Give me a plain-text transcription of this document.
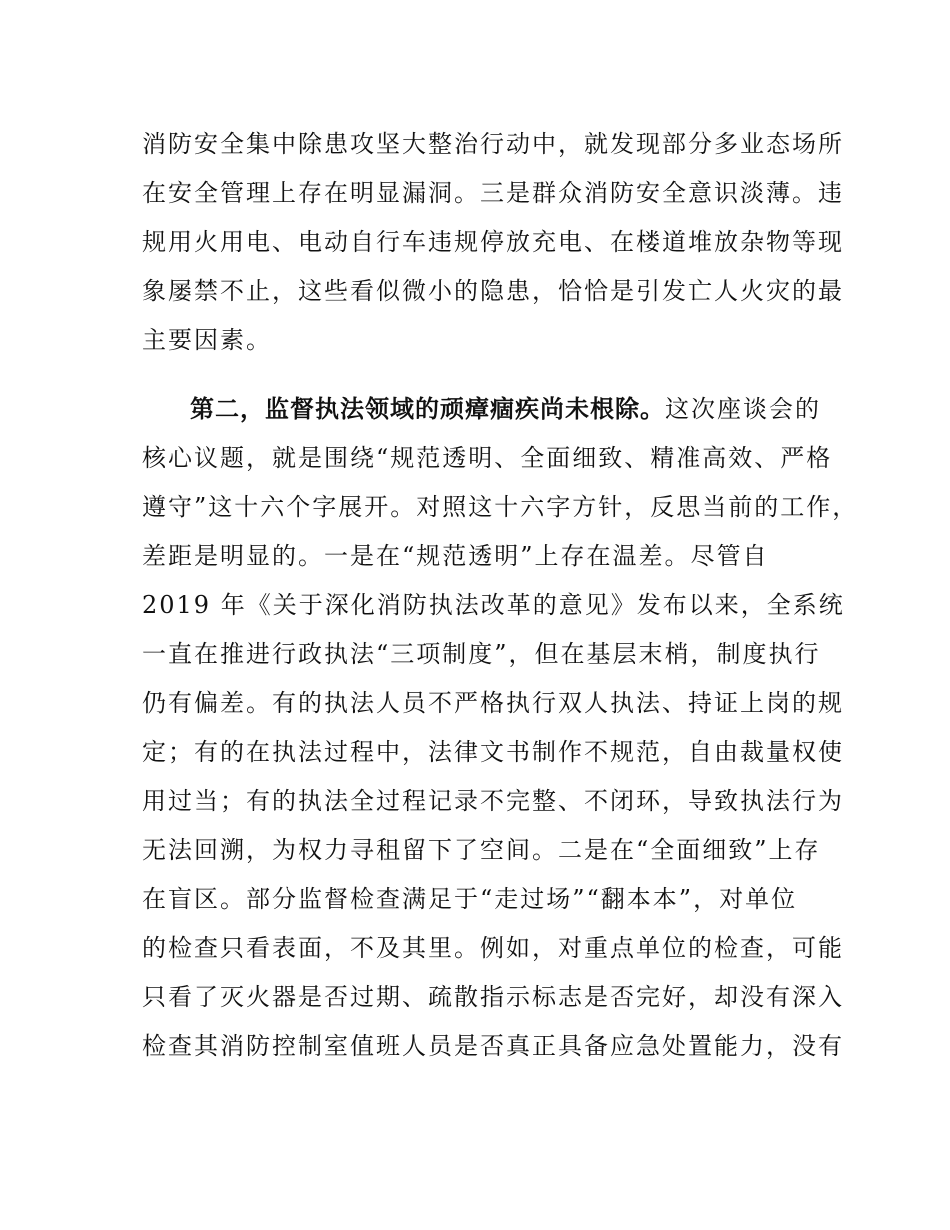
消防安全集中除患攻坚大整治行动中，就发现部分多业态场所
在安全管理上存在明显漏洞。三是群众消防安全意识淡薄。违
规用火用电、电动自行车违规停放充电、在楼道堆放杂物等现
象屡禁不止，这些看似微小的隐患，恰恰是引发亡人火灾的最
主要因素。
第二，监督执法领域的顽瘴痼疾尚未根除。这次座谈会的
核心议题，就是围绕“规范透明、全面细致、精准高效、严格
遵守”这十六个字展开。对照这十六字方针，反思当前的工作，
差距是明显的。一是在“规范透明”上存在温差。尽管自
2019 年《关于深化消防执法改革的意见》发布以来，全系统
一直在推进行政执法“三项制度”，但在基层末梢，制度执行
仍有偏差。有的执法人员不严格执行双人执法、持证上岗的规
定；有的在执法过程中，法律文书制作不规范，自由裁量权使
用过当；有的执法全过程记录不完整、不闭环，导致执法行为
无法回溯，为权力寻租留下了空间。二是在“全面细致”上存
在盲区。部分监督检查满足于“走过场”“翻本本”，对单位
的检查只看表面，不及其里。例如，对重点单位的检查，可能
只看了灭火器是否过期、疏散指示标志是否完好，却没有深入
检查其消防控制室值班人员是否真正具备应急处置能力，没有
